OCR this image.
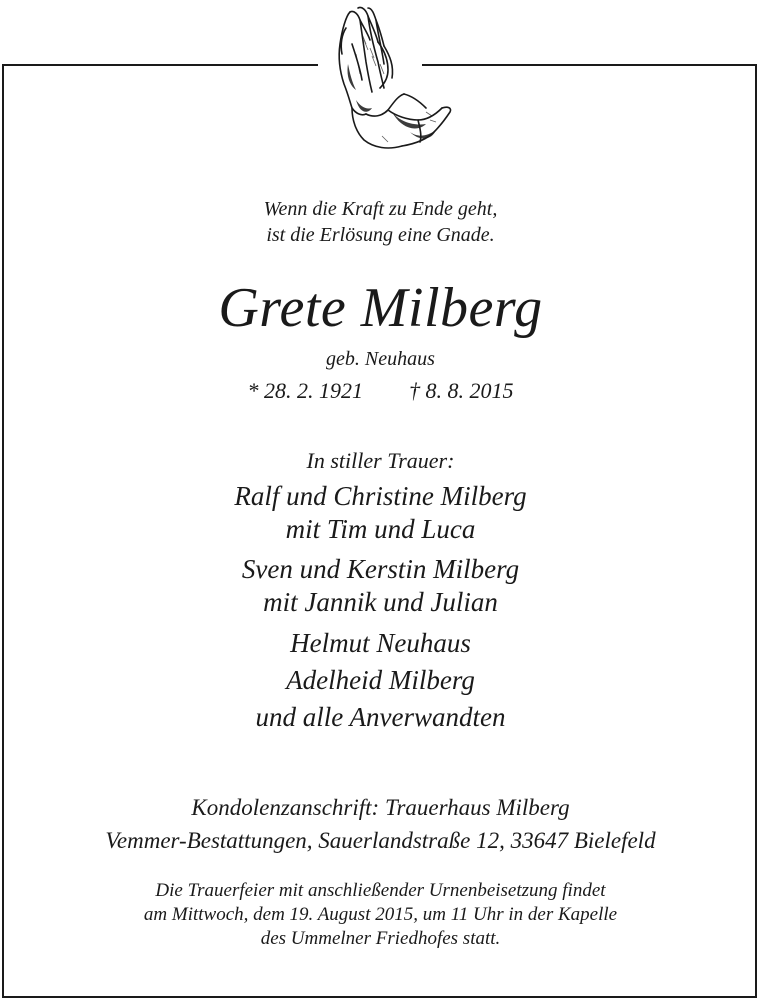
Wenn die Kraft zu Ende geht,
ist die Erlösung eine Gnade.
Grete Milberg
geb. Neuhaus
* 28. 2. 1921 † 8. 8. 2015
In stiller Trauer:
Ralf und Christine Milberg
mit Tim und Luca
Sven und Kerstin Milberg
mit Jannik und Julian
Helmut Neuhaus
Adelheid Milberg
und alle Anverwandten
Kondolenzanschrift: Trauerhaus Milberg
Vemmer-Bestattungen, Sauerlandstraße 12, 33647 Bielefeld
Die Trauerfeier mit anschließender Urnenbeisetzung findet
am Mittwoch, dem 19. August 2015, um 11 Uhr in der Kapelle
des Ummelner Friedhofes statt.
